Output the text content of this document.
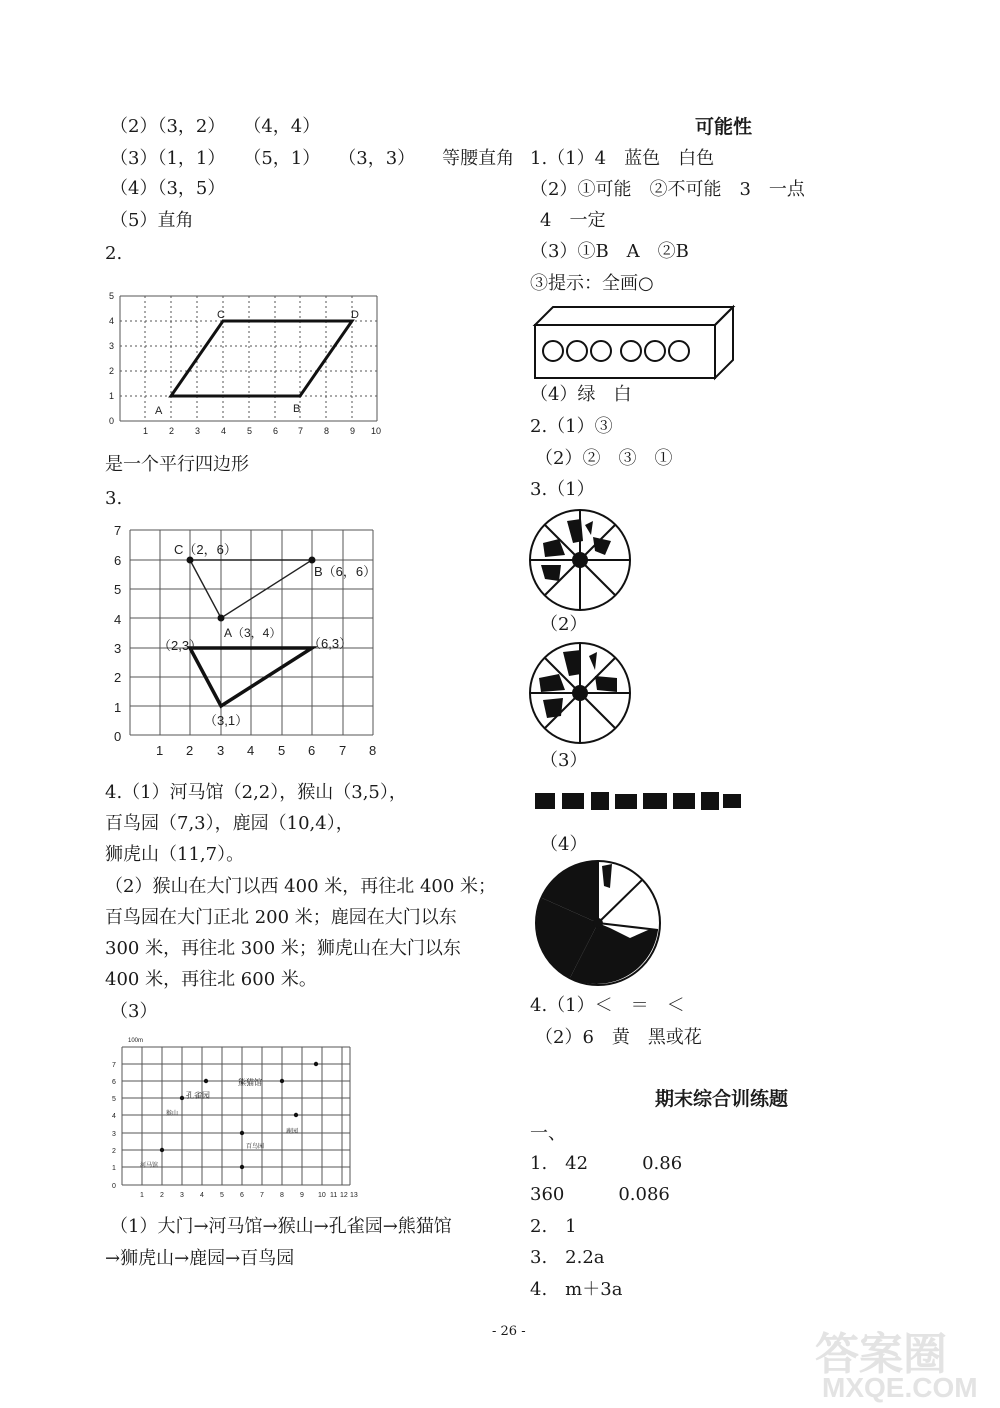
（2）（3，2）　　（4，4）
（3）（1，1）　　（5，1）　　（3，3）　　等腰直角
（4）（3，5）
（5）直角
2.
A	B
C	D
1 2 3 4 5 6 7 8 9 10
0
1
2
3
4
5
是一个平行四边形
3.
C（2，6）
B（6，6）
A（3，4）
（2,3）	（6,3）
（3,1）
1 2 3 4 5 6 7 8
0
1
2
3
4
5
6
7
4.（1）河马馆（2,2），猴山（3,5），
百鸟园（7,3），鹿园（10,4），
狮虎山（11,7）。
（2）猴山在大门以西 400 米，再往北 400 米；
百鸟园在大门正北 200 米；鹿园在大门以东
300 米，再往北 300 米；狮虎山在大门以东
400 米，再往北 600 米。
（3）
100m
孔雀园
熊猫馆
猴山
百鸟园
鹿园
河马馆
1 2 3 4 5 6 7 8 9 10 11 12 13
0
1
2
3
4
5
6
7
（1）大门→河马馆→猴山→孔雀园→熊猫馆
→狮虎山→鹿园→百鸟园
可能性
1.（1）4　蓝色　白色
（2）①可能　②不可能　3　一点
4　一定
（3）①B　A　②B
③提示：全画○
（4）绿　白
2.（1）③
（2）②　③　①
3.（1）
（2）
（3）
（4）
4.（1）＜　＝　＜
（2）6　黄　黑或花
期末综合训练题
一、
1.　42　　　0.86
360　　　0.086
2.　1
3.　2.2a
4.　m＋3a
- 26 -	答案圈
MXQE.COM
